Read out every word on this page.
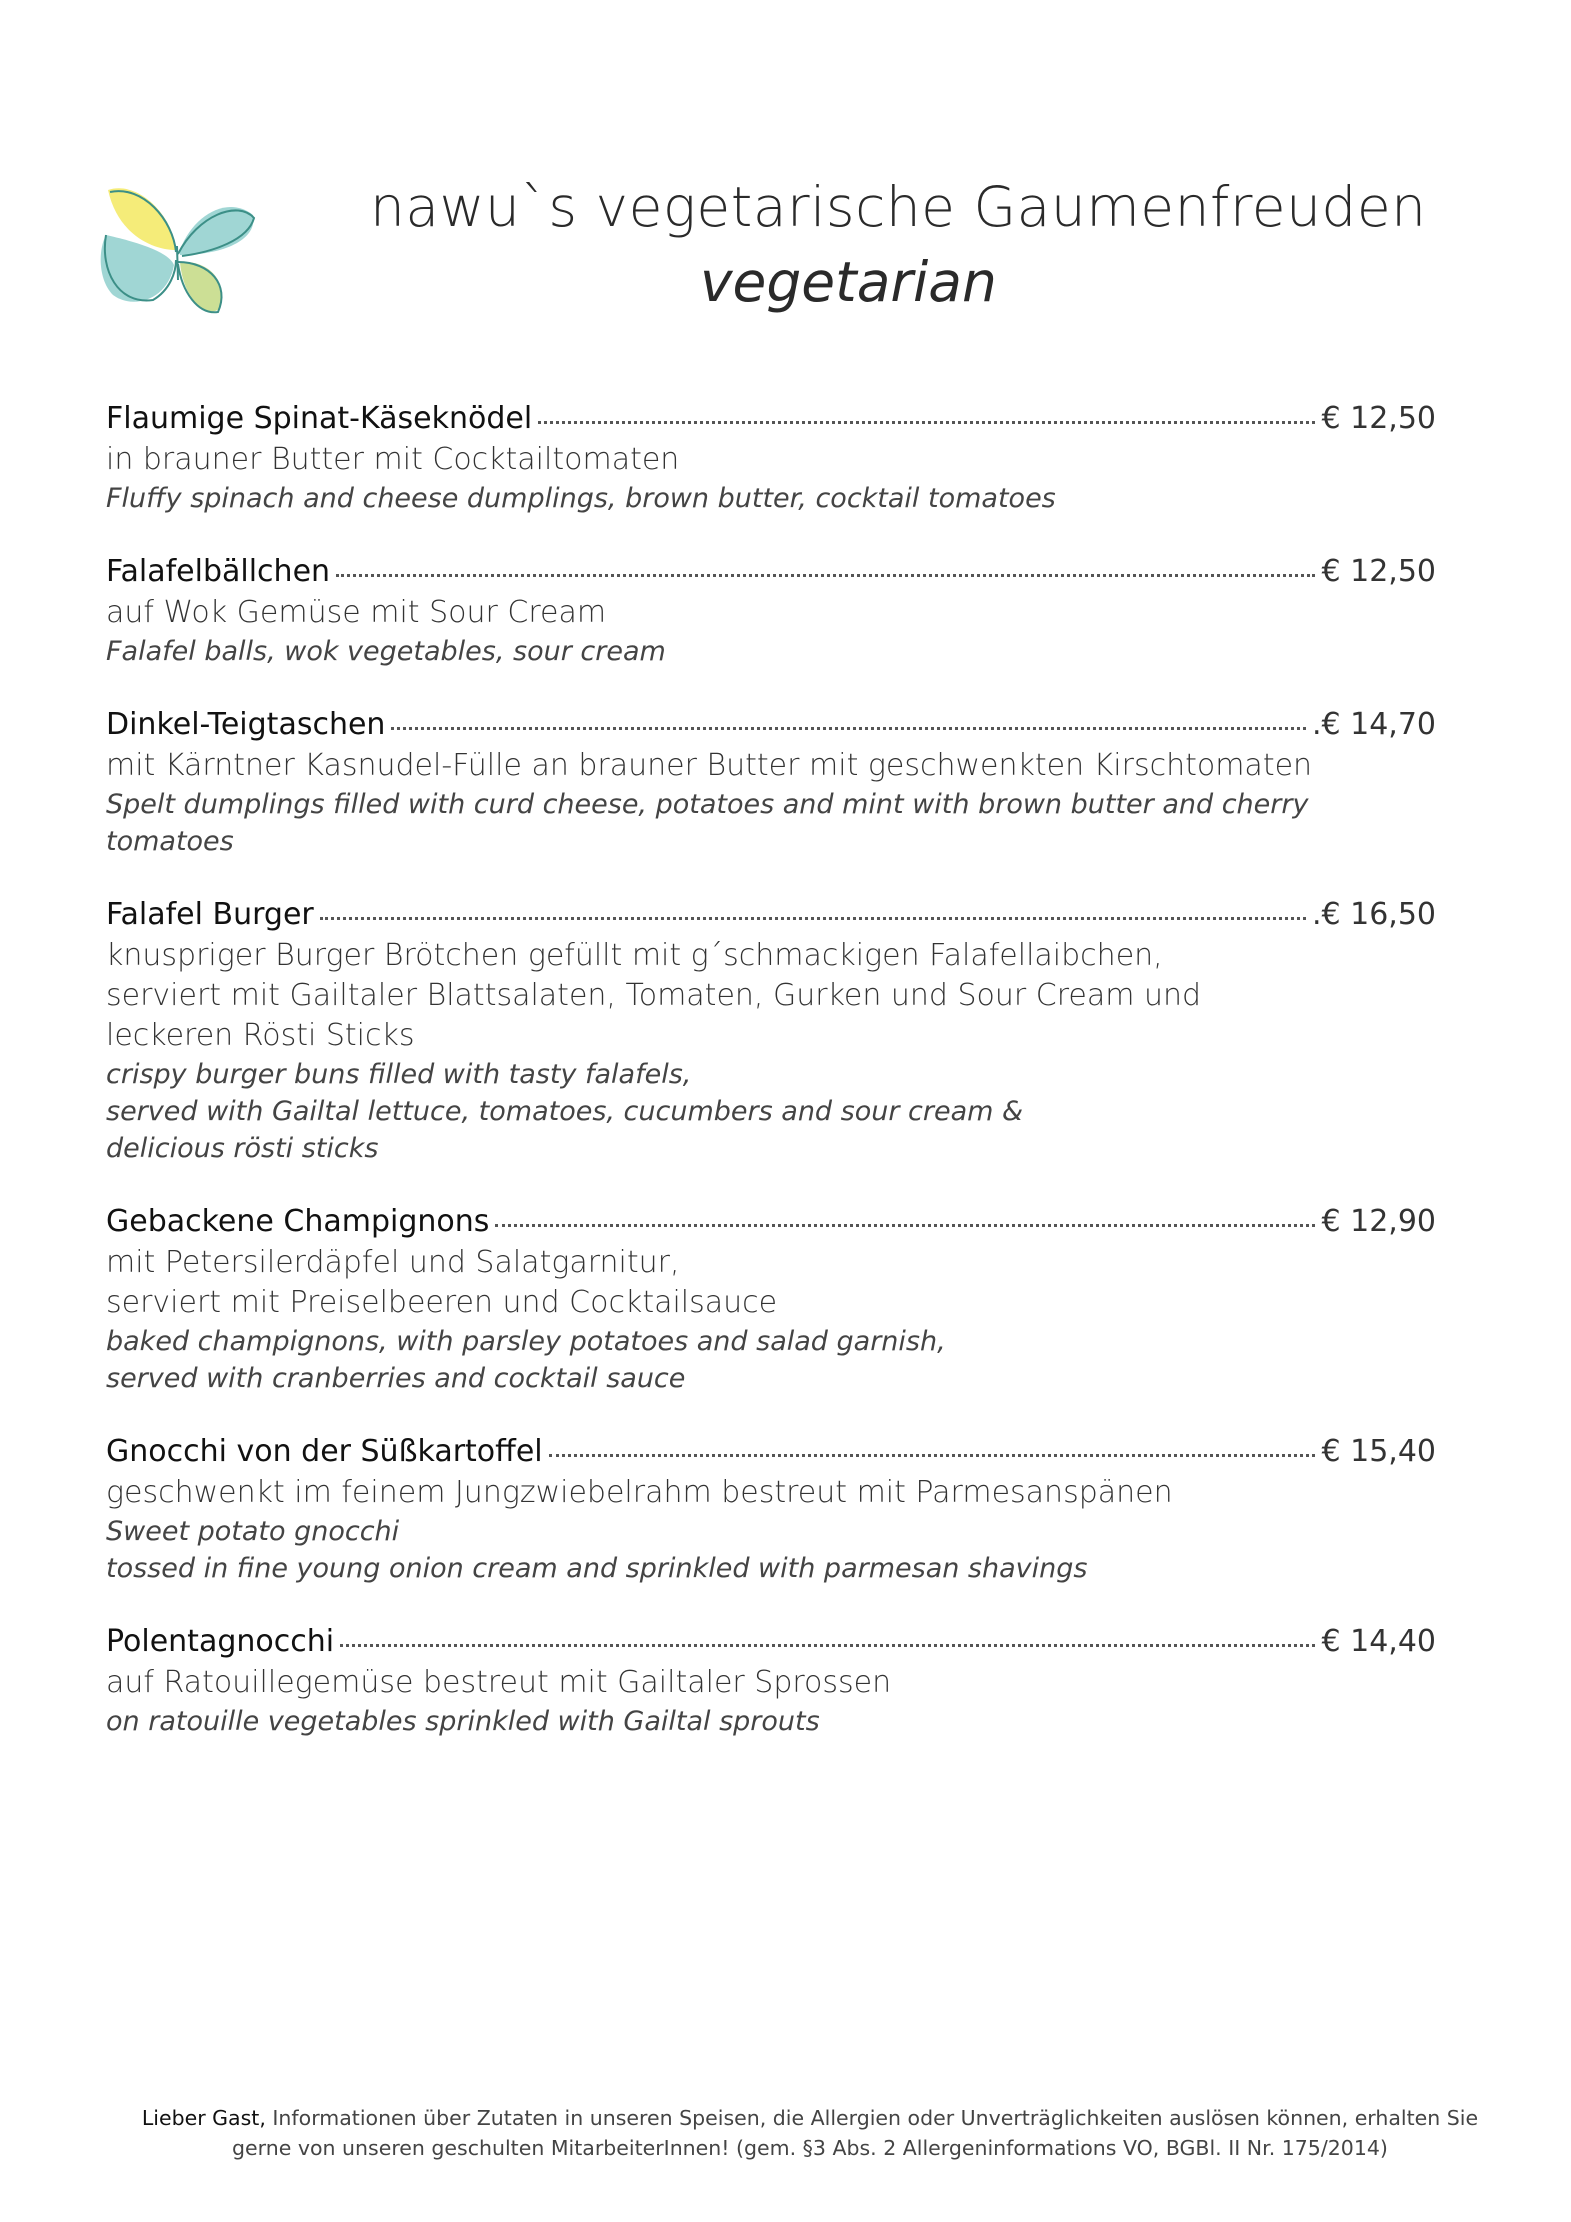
nawu`s vegetarische Gaumenfreuden
vegetarian
Flaumige Spinat-Käseknödel	€ 12,50
in brauner Butter mit Cocktailtomaten
Fluffy spinach and cheese dumplings, brown butter, cocktail tomatoes
Falafelbällchen	€ 12,50
auf Wok Gemüse mit Sour Cream
Falafel balls, wok vegetables, sour cream
Dinkel-Teigtaschen	.€ 14,70
mit Kärntner Kasnudel-Fülle an brauner Butter mit geschwenkten Kirschtomaten
Spelt dumplings filled with curd cheese, potatoes and mint with brown butter and cherry
tomatoes
Falafel Burger	.€ 16,50
knuspriger Burger Brötchen gefüllt mit g´schmackigen Falafellaibchen,
serviert mit Gailtaler Blattsalaten, Tomaten, Gurken und Sour Cream und
leckeren Rösti Sticks
crispy burger buns filled with tasty falafels,
served with Gailtal lettuce, tomatoes, cucumbers and sour cream &
delicious rösti sticks
Gebackene Champignons	€ 12,90
mit Petersilerdäpfel und Salatgarnitur,
serviert mit Preiselbeeren und Cocktailsauce
baked champignons, with parsley potatoes and salad garnish,
served with cranberries and cocktail sauce
Gnocchi von der Süßkartoffel	€ 15,40
geschwenkt im feinem Jungzwiebelrahm bestreut mit Parmesanspänen
Sweet potato gnocchi
tossed in fine young onion cream and sprinkled with parmesan shavings
Polentagnocchi	€ 14,40
auf Ratouillegemüse bestreut mit Gailtaler Sprossen
on ratouille vegetables sprinkled with Gailtal sprouts
Lieber Gast, Informationen über Zutaten in unseren Speisen, die Allergien oder Unverträglichkeiten auslösen können, erhalten Sie
gerne von unseren geschulten MitarbeiterInnen! (gem. §3 Abs. 2 Allergeninformations VO, BGBl. II Nr. 175/2014)
